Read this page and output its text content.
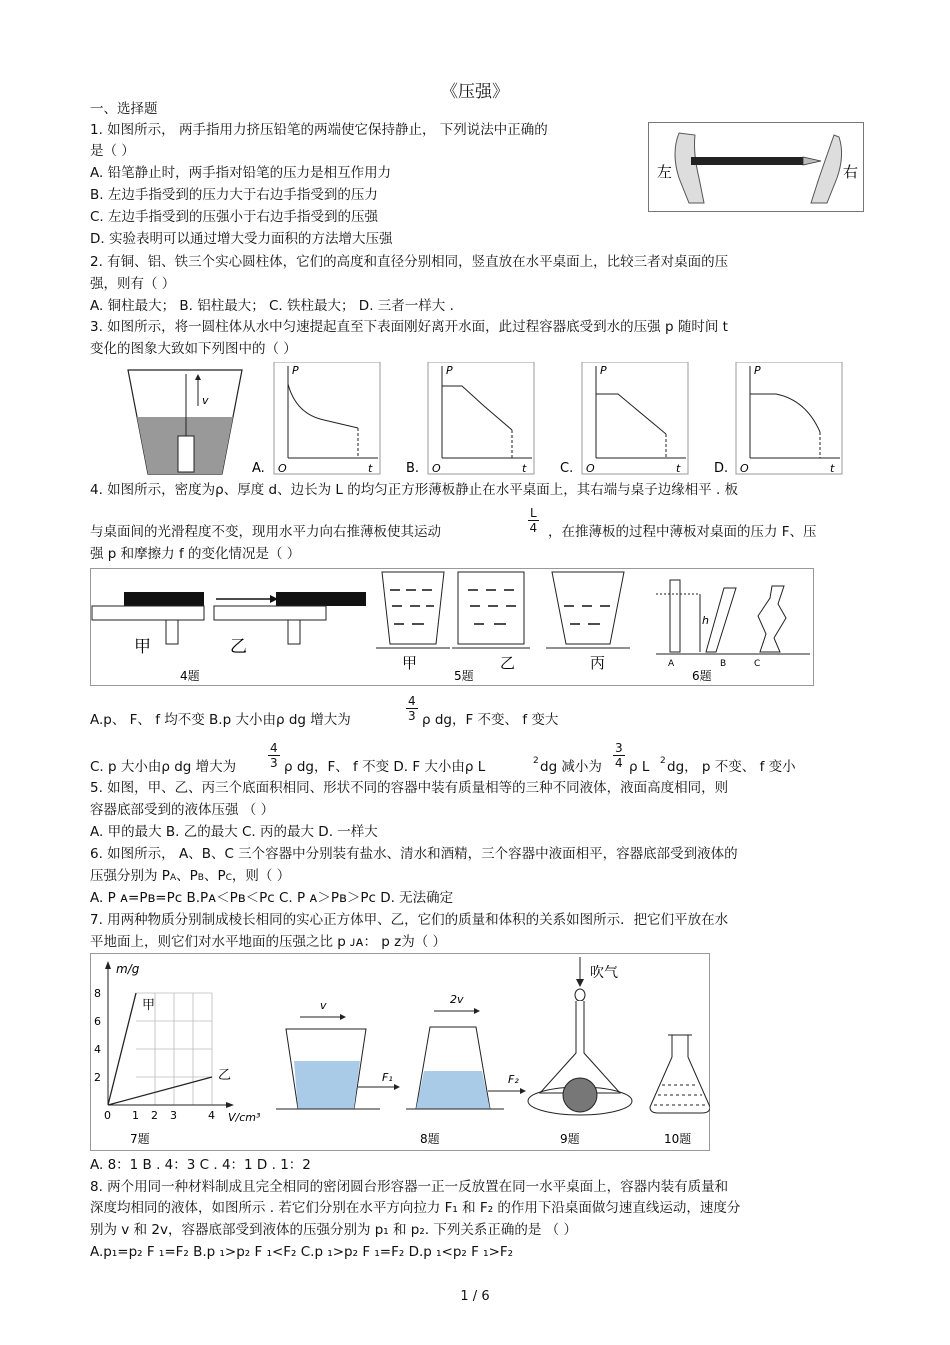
《压强》
一、选择题
1. 如图所示， 两手指用力挤压铅笔的两端使它保持静止， 下列说法中正确的
是（ ）
A. 铅笔静止时，两手指对铅笔的压力是相互作用力
B. 左边手指受到的压力大于右边手指受到的压力
C. 左边手指受到的压强小于右边手指受到的压强
D. 实验表明可以通过增大受力面积的方法增大压强
左	右
2. 有铜、铝、铁三个实心圆柱体，它们的高度和直径分别相同，竖直放在水平桌面上，比较三者对桌面的压
强，则有（ ）
A. 铜柱最大； B. 铝柱最大； C. 铁柱最大； D. 三者一样大 .
3. 如图所示，将一圆柱体从水中匀速提起直至下表面刚好离开水面，此过程容器底受到水的压强 p 随时间 t
变化的图象大致如下列图中的（ ）
v
P
A. O	t
P
B. O	t
P
C. O	t
P
D. O	t
4. 如图所示，密度为ρ、厚度 d、边长为 L 的均匀正方形薄板静止在水平桌面上，其右端与桌子边缘相平 . 板
与桌面间的光滑程度不变，现用水平力向右推薄板使其运动	$\frac{L}{4}$ ，在推薄板的过程中薄板对桌面的压力 F、压
强 p 和摩擦力 f 的变化情况是（ ）
甲	乙
4题
甲	乙	丙
5题
h
A	B	C
6题
A.p、 F、 f 均不变 B.p 大小由ρ dg 增大为	$\frac{4}{3}$ ρ dg，F 不变、 f 变大
C. p 大小由ρ dg 增大为	$\frac{4}{3}$ ρ dg，F、 f 不变 D. F 大小由ρ L	2 dg 减小为 $\frac{3}{4}$ ρ L 2 dg， p 不变、 f 变小
5. 如图，甲、乙、丙三个底面积相同、形状不同的容器中装有质量相等的三种不同液体，液面高度相同，则
容器底部受到的液体压强 （ ）
A. 甲的最大 B. 乙的最大 C. 丙的最大 D. 一样大
6. 如图所示， A、B、C 三个容器中分别装有盐水、清水和酒精，三个容器中液面相平，容器底部受到液体的
压强分别为 PA、PB、PC，则（ ）
A. P ᴀ=Pʙ=Pᴄ B.Pᴀ＜Pʙ＜Pᴄ C. P ᴀ＞Pʙ＞Pᴄ D. 无法确定
7. 用两种物质分别制成棱长相同的实心正方体甲、乙，它们的质量和体积的关系如图所示．把它们平放在水
平地面上，则它们对水平地面的压强之比 p ᴊᴀ： p ᴢ为（ ）
m/g
甲
乙
8
6
4
2
0 1 2 3	4 V/cm³
7题
v
F₁
2v
F₂
8题
吹气
9题	10题
A. 8：1 B . 4：3 C . 4：1 D . 1：2
8. 两个用同一种材料制成且完全相同的密闭圆台形容器一正一反放置在同一水平桌面上，容器内装有质量和
深度均相同的液体，如图所示 . 若它们分别在水平方向拉力 F₁ 和 F₂ 的作用下沿桌面做匀速直线运动，速度分
别为 v 和 2v，容器底部受到液体的压强分别为 p₁ 和 p₂. 下列关系正确的是 （ ）
A.p₁=p₂ F ₁=F₂ B.p ₁>p₂ F ₁<F₂ C.p ₁>p₂ F ₁=F₂ D.p ₁<p₂ F ₁>F₂
1 / 6
